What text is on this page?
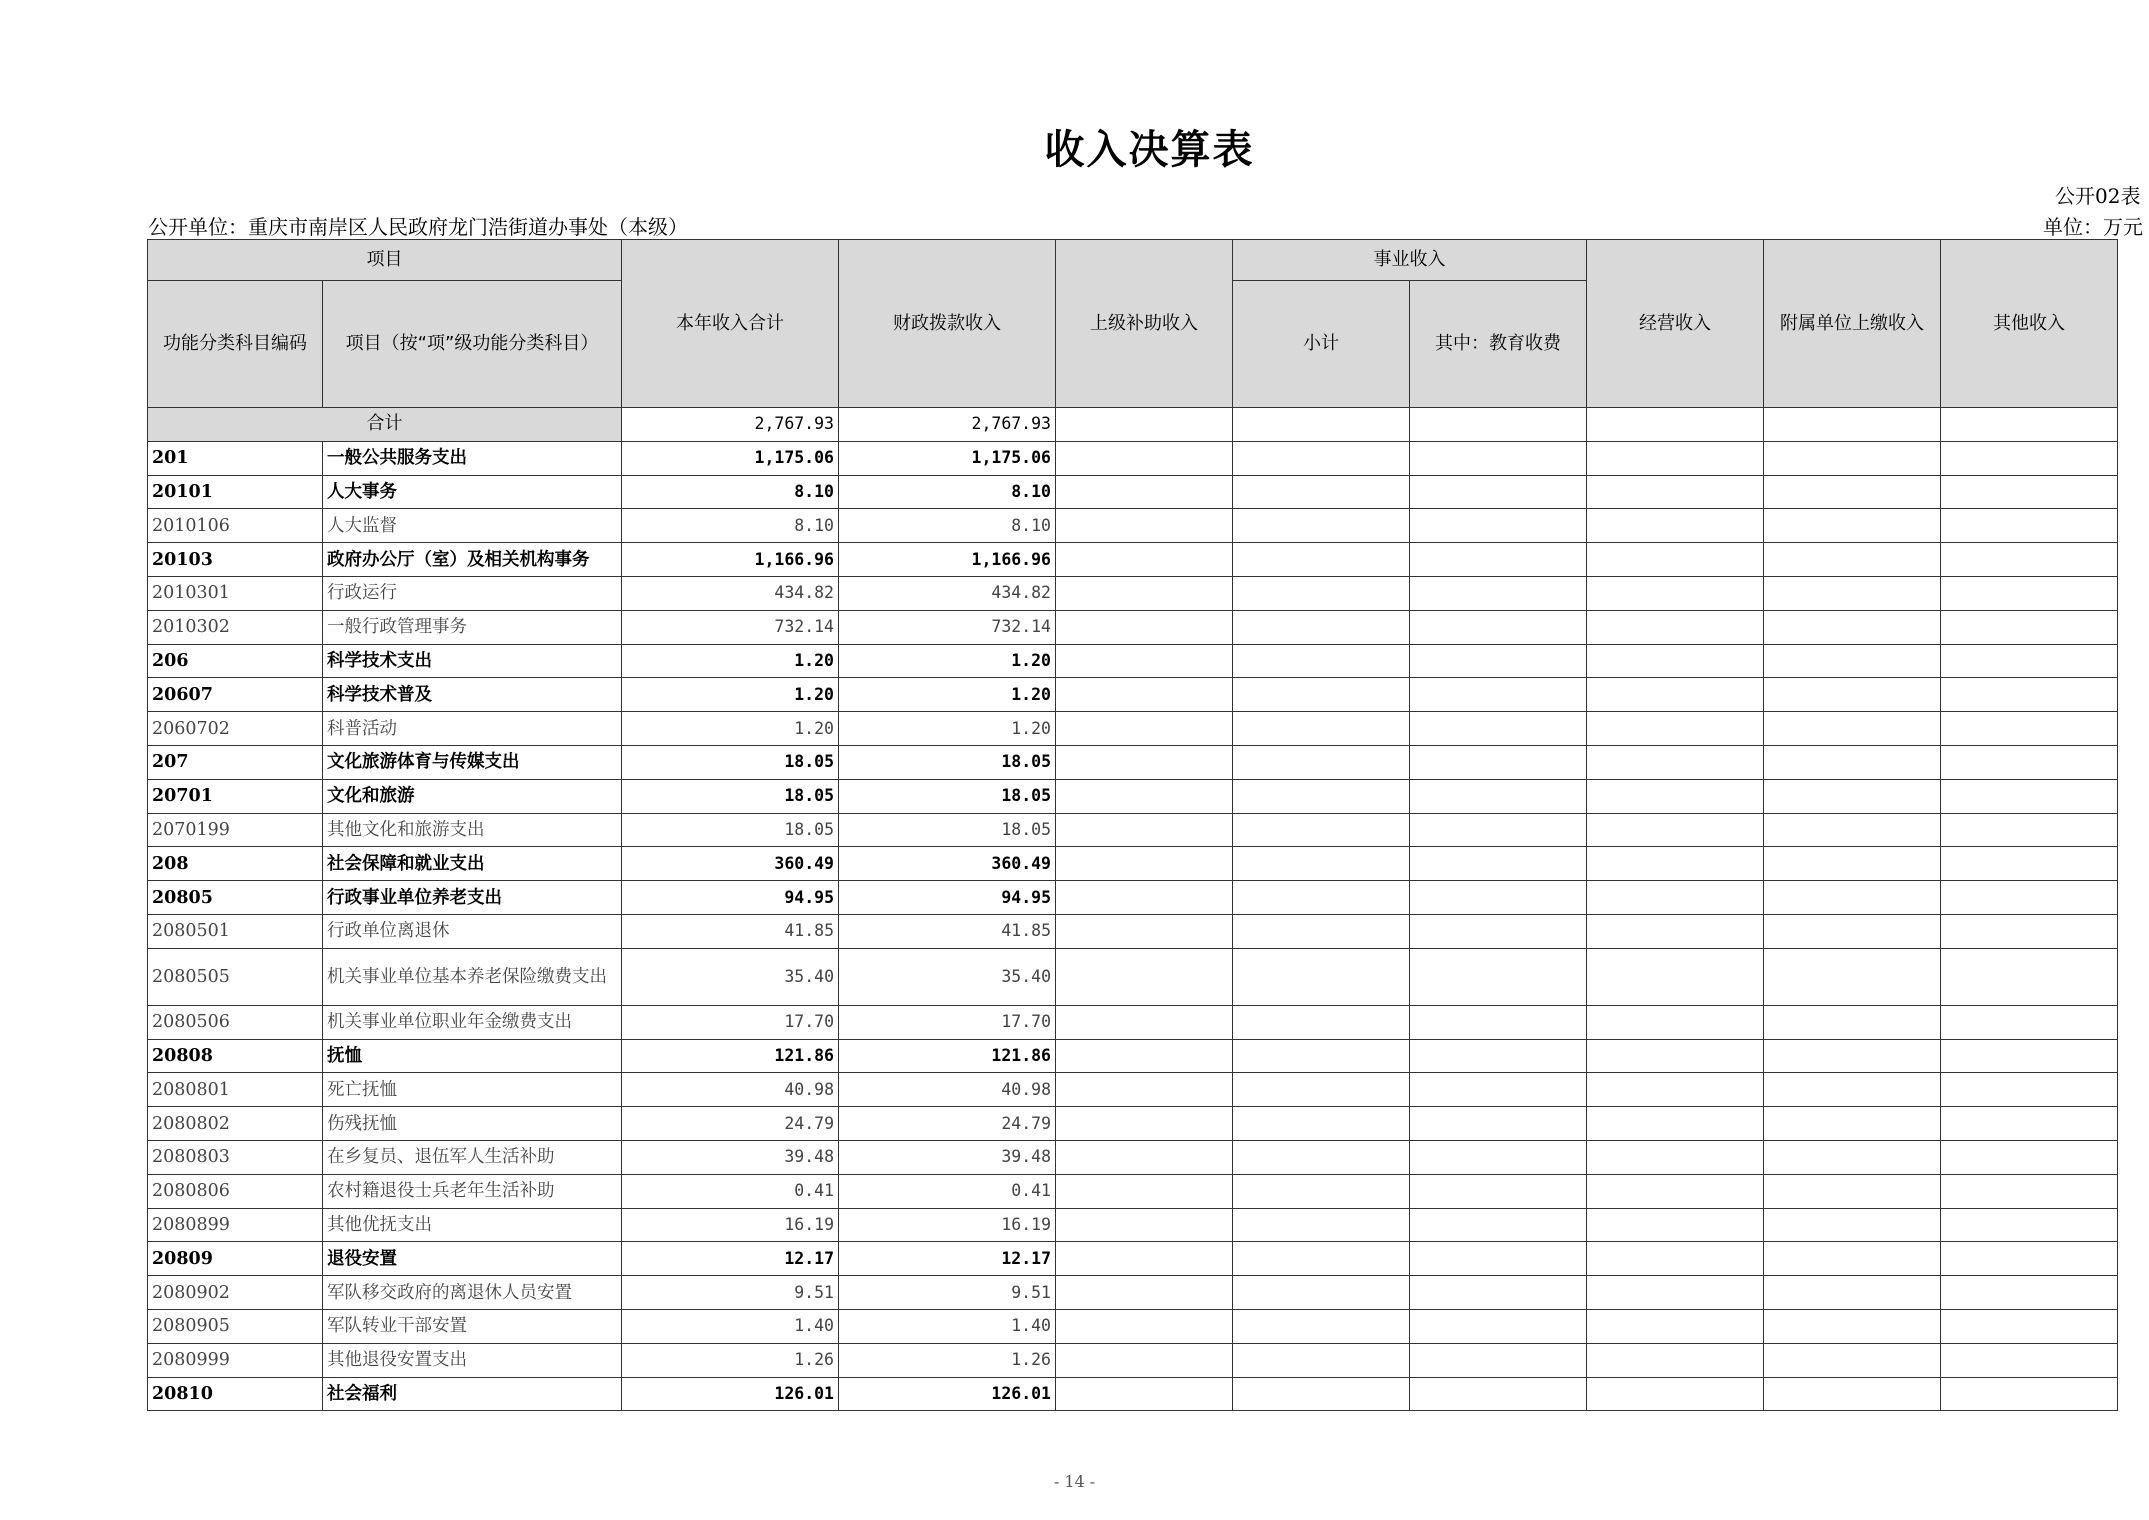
收入决算表
公开02表
公开单位：重庆市南岸区人民政府龙门浩街道办事处（本级）	单位：万元
项目		本年收入合计	财政拨款收入	上级补助收入	事业收入		经营收入	附属单位上缴收入	其他收入
功能分类科目编码	项目（按“项”级功能分类科目）				小计	其中：教育收费			
合计		2,767.93	2,767.93						
201	一般公共服务支出	1,175.06	1,175.06						
20101	人大事务	8.10	8.10						
2010106	人大监督	8.10	8.10						
20103	政府办公厅（室）及相关机构事务	1,166.96	1,166.96						
2010301	行政运行	434.82	434.82						
2010302	一般行政管理事务	732.14	732.14						
206	科学技术支出	1.20	1.20						
20607	科学技术普及	1.20	1.20						
2060702	科普活动	1.20	1.20						
207	文化旅游体育与传媒支出	18.05	18.05						
20701	文化和旅游	18.05	18.05						
2070199	其他文化和旅游支出	18.05	18.05						
208	社会保障和就业支出	360.49	360.49						
20805	行政事业单位养老支出	94.95	94.95						
2080501	行政单位离退休	41.85	41.85						
2080505	机关事业单位基本养老保险缴费支出	35.40	35.40						
2080506	机关事业单位职业年金缴费支出	17.70	17.70						
20808	抚恤	121.86	121.86						
2080801	死亡抚恤	40.98	40.98						
2080802	伤残抚恤	24.79	24.79						
2080803	在乡复员、退伍军人生活补助	39.48	39.48						
2080806	农村籍退役士兵老年生活补助	0.41	0.41						
2080899	其他优抚支出	16.19	16.19						
20809	退役安置	12.17	12.17						
2080902	军队移交政府的离退休人员安置	9.51	9.51						
2080905	军队转业干部安置	1.40	1.40						
2080999	其他退役安置支出	1.26	1.26						
20810	社会福利	126.01	126.01						
- 14 -
